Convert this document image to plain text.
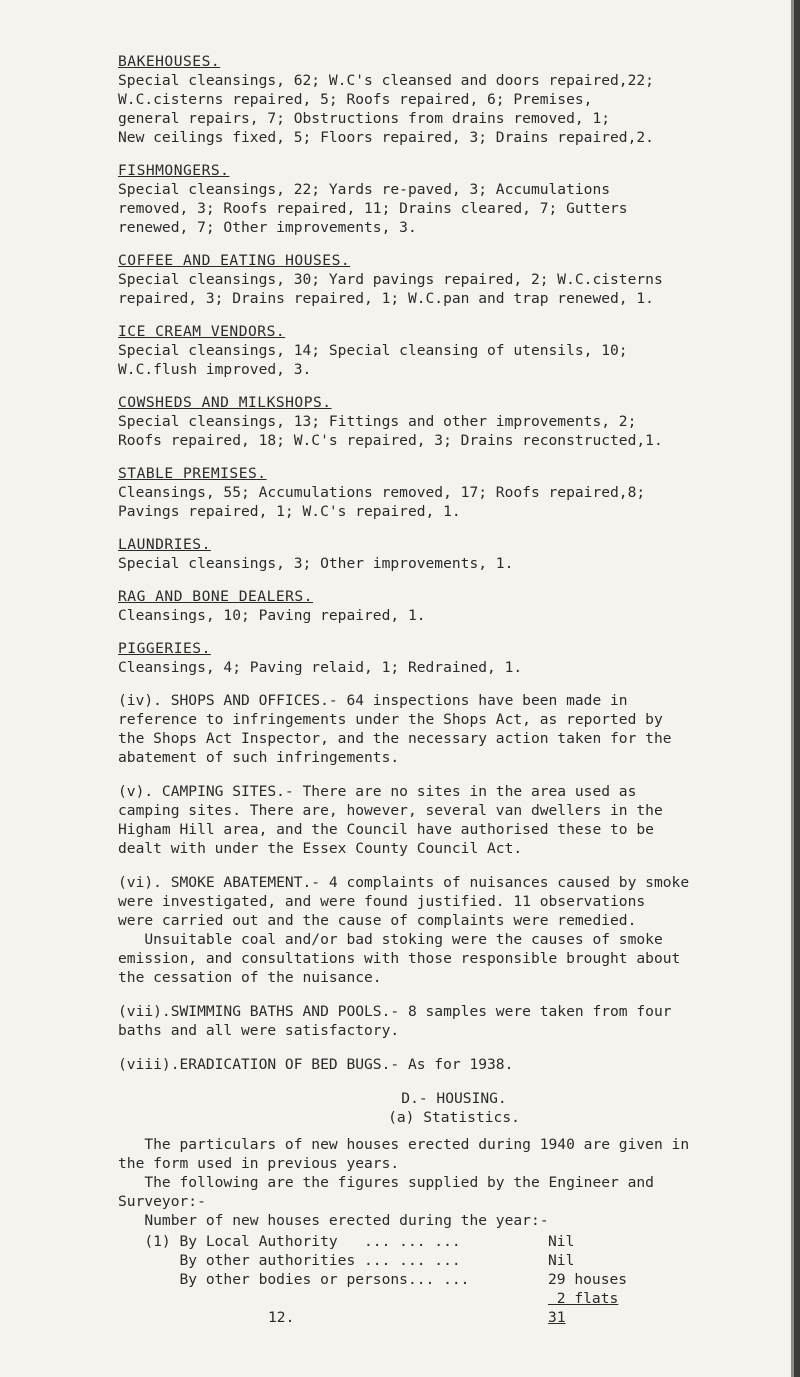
BAKEHOUSES.
Special cleansings, 62; W.C's cleansed and doors repaired,22;
W.C.cisterns repaired, 5; Roofs repaired, 6; Premises,
general repairs, 7; Obstructions from drains removed, 1;
New ceilings fixed, 5; Floors repaired, 3; Drains repaired,2.
FISHMONGERS.
Special cleansings, 22; Yards re-paved, 3; Accumulations
removed, 3; Roofs repaired, 11; Drains cleared, 7; Gutters
renewed, 7; Other improvements, 3.
COFFEE AND EATING HOUSES.
Special cleansings, 30; Yard pavings repaired, 2; W.C.cisterns
repaired, 3; Drains repaired, 1; W.C.pan and trap renewed, 1.
ICE CREAM VENDORS.
Special cleansings, 14; Special cleansing of utensils, 10;
W.C.flush improved, 3.
COWSHEDS AND MILKSHOPS.
Special cleansings, 13; Fittings and other improvements, 2;
Roofs repaired, 18; W.C's repaired, 3; Drains reconstructed,1.
STABLE PREMISES.
Cleansings, 55; Accumulations removed, 17; Roofs repaired,8;
Pavings repaired, 1; W.C's repaired, 1.
LAUNDRIES.
Special cleansings, 3; Other improvements, 1.
RAG AND BONE DEALERS.
Cleansings, 10; Paving repaired, 1.
PIGGERIES.
Cleansings, 4; Paving relaid, 1; Redrained, 1.
(iv). SHOPS AND OFFICES.- 64 inspections have been made in
reference to infringements under the Shops Act, as reported by
the Shops Act Inspector, and the necessary action taken for the
abatement of such infringements.
(v). CAMPING SITES.- There are no sites in the area used as
camping sites. There are, however, several van dwellers in the
Higham Hill area, and the Council have authorised these to be
dealt with under the Essex County Council Act.
(vi). SMOKE ABATEMENT.- 4 complaints of nuisances caused by smoke
were investigated, and were found justified. 11 observations
were carried out and the cause of complaints were remedied.
Unsuitable coal and/or bad stoking were the causes of smoke
emission, and consultations with those responsible brought about
the cessation of the nuisance.
(vii).SWIMMING BATHS AND POOLS.- 8 samples were taken from four
baths and all were satisfactory.
(viii).ERADICATION OF BED BUGS.- As for 1938.
D.- HOUSING.
(a) Statistics.
The particulars of new houses erected during 1940 are given in
the form used in previous years.
The following are the figures supplied by the Engineer and
Surveyor:-
Number of new houses erected during the year:-
(1) By Local Authority   ... ... ...	Nil
By other authorities ... ... ...	Nil
By other bodies or persons... ...	29 houses
2 flats
12.	31
